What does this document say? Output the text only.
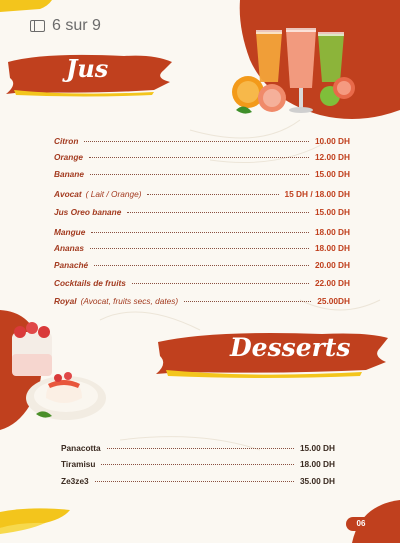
6 sur 9
Jus
Citron	10.00 DH
Orange	12.00 DH
Banane	15.00 DH
Avocat ( Lait / Orange)	15 DH / 18.00 DH
Jus Oreo banane	15.00 DH
Mangue	18.00 DH
Ananas	18.00 DH
Panaché	20.00 DH
Cocktails de fruits	22.00 DH
Royal (Avocat, fruits secs, dates)	25.00DH
Desserts
Panacotta	15.00 DH
Tiramisu	18.00 DH
Ze3ze3	35.00 DH
06
